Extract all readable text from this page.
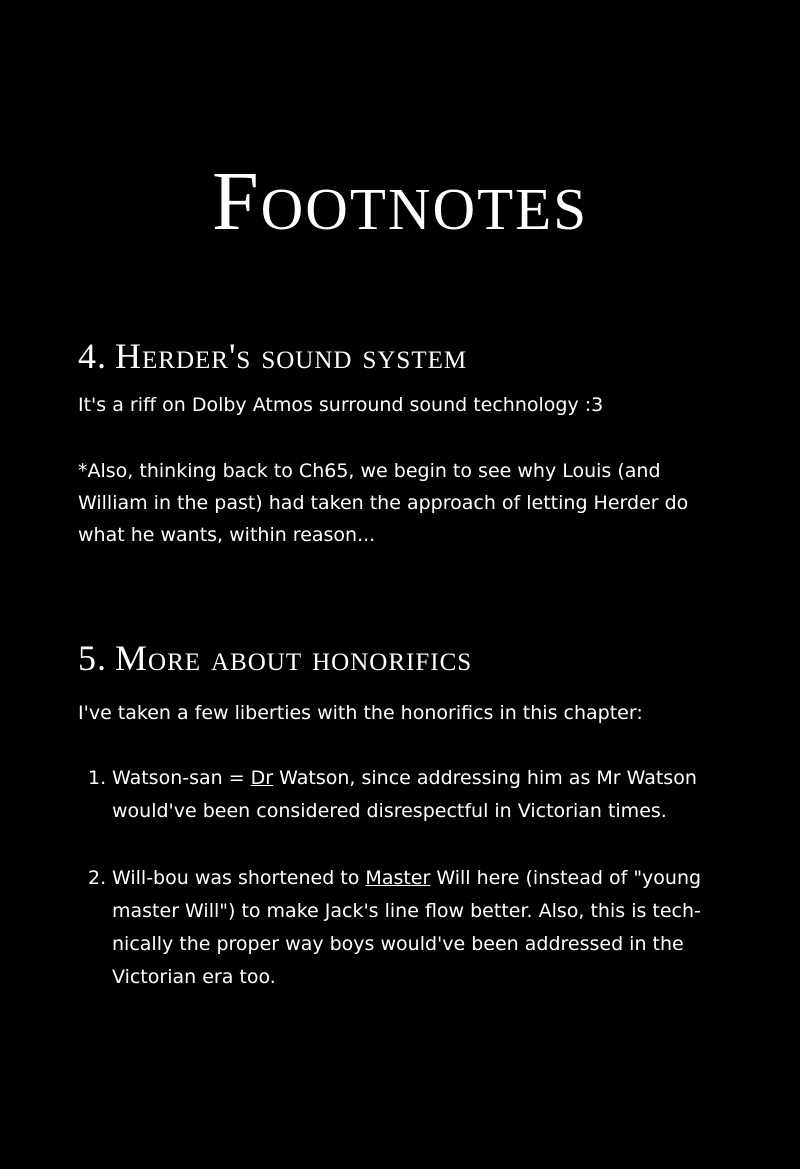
Footnotes
4. Herder's sound system

It's a riff on Dolby Atmos surround sound technology :3

*Also, thinking back to Ch65, we begin to see why Louis (and William in the past) had taken the approach of letting Herder do what he wants, within reason...

5. More about honorifics

I've taken a few liberties with the honorifics in this chapter:

1. Watson-san = Dr Watson, since addressing him as Mr Watson would've been considered disrespectful in Victorian times.
2. Will-bou was shortened to Master Will here (instead of "young master Will") to make Jack's line flow better. Also, this is tech-nically the proper way boys would've been addressed in the Victorian era too.
